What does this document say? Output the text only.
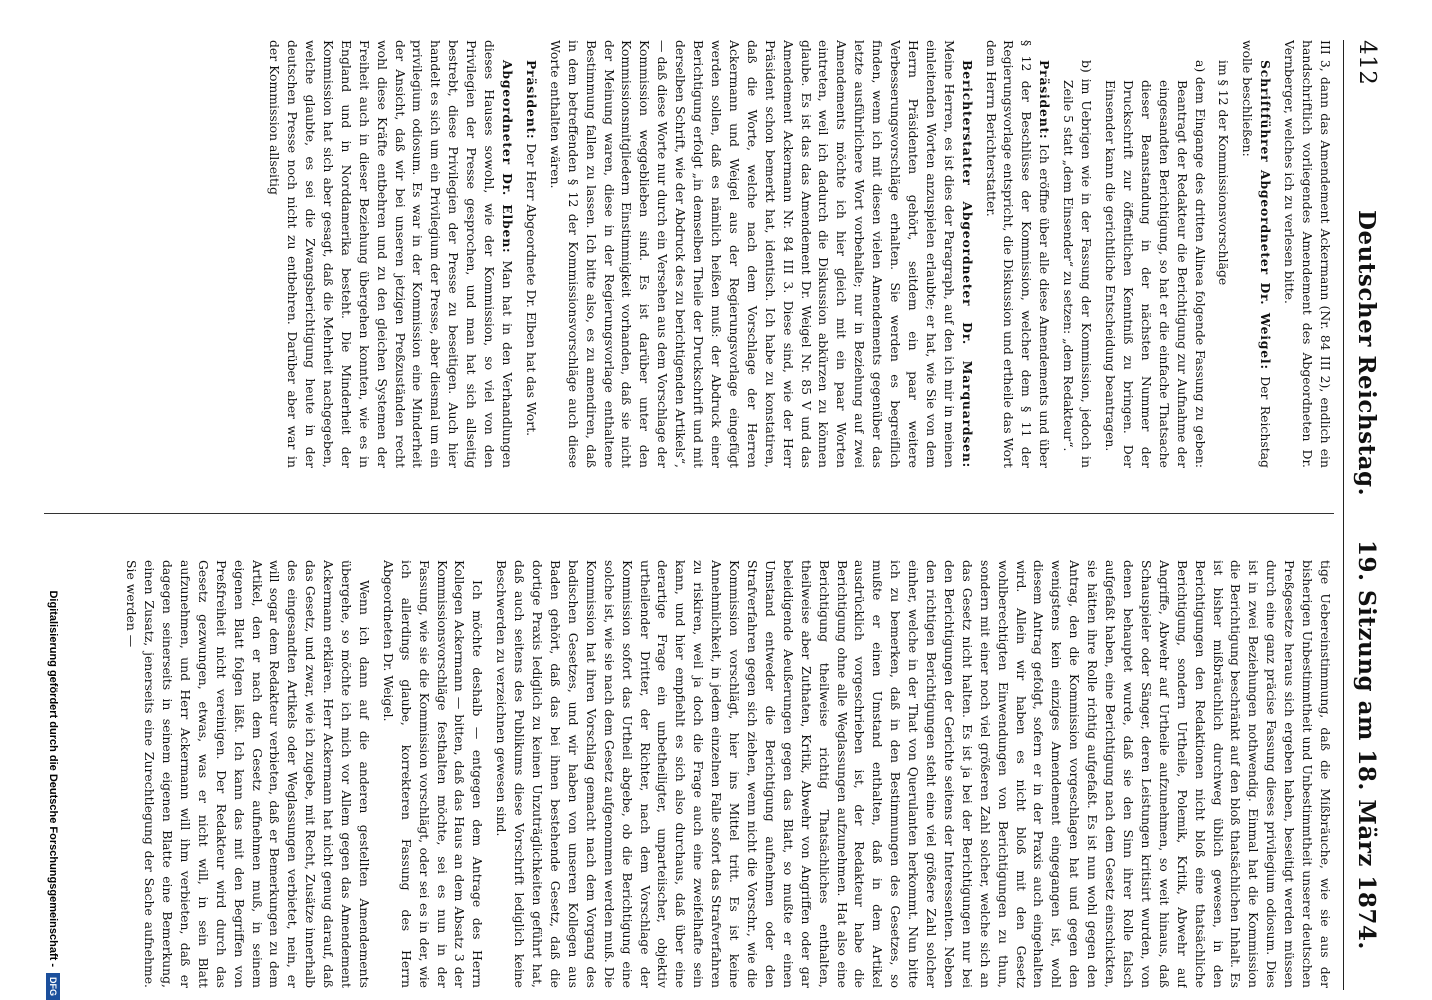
412
Deutscher Reichstag.
19. Sitzung am 18. März 1874.

III 3, dann das Amendement Ackermann (Nr. 84 III 2), endlich ein handschriftlich vorliegendes Amendement des Abgeordneten Dr. Vernberger, welches ich zu verlesen bitte.

Schriftführer Abgeordneter Dr. Weigel: Der Reichstag wolle beschließen:

im § 12 der Kommissionsvorschläge

a) dem Eingange des dritten Alinea folgende Fassung zu geben: Beantragt der Redakteur die Berichtigung zur Aufnahme der eingesandten Berichtigung, so hat er die einfache Thatsache dieser Beanstandung in der nächsten Nummer der Druckschrift zur öffentlichen Kenntniß zu bringen. Der Einsender kann die gerichtliche Entscheidung beantragen.

b) im Uebrigen wie in der Fassung der Kommission, jedoch in Zeile 5 statt „dem Einsender“ zu setzen: „dem Redakteur“.

Präsident: Ich eröffne über alle diese Amendements und über § 12 der Beschlüsse der Kommission, welcher dem § 11 der Regierungsvorlage entspricht, die Diskussion und ertheile das Wort dem Herrn Berichterstatter.

Berichterstatter Abgeordneter Dr. Marquardsen: Meine Herren, es ist dies der Paragraph, auf den ich mir in meinen einleitenden Worten anzuspielen erlaubte; er hat, wie Sie von dem Herrn Präsidenten gehört, seitdem ein paar weitere Verbesserungsvorschläge erhalten. Sie werden es begreiflich finden, wenn ich mit diesen vielen Amendements gegenüber das letzte ausführlichere Wort vorbehalte; nur in Beziehung auf zwei Amendements möchte ich hier gleich mit ein paar Worten eintreten, weil ich dadurch die Diskussion abkürzen zu können glaube. Es ist das das Amendement Dr. Weigel Nr. 85 V und das Amendement Ackermann Nr. 84 III 3. Diese sind, wie der Herr Präsident schon bemerkt hat, identisch. Ich habe zu konstatiren, daß die Worte, welche nach dem Vorschlage der Herren Ackermann und Weigel aus der Regierungsvorlage eingefügt werden sollen, daß es nämlich heißen muß: der Abdruck einer Berichtigung erfolgt „in demselben Theile der Druckschrift und mit derselben Schrift, wie der Abdruck des zu berichtigenden Artikels“, — daß diese Worte nur durch ein Versehen aus dem Vorschlage der Kommission weggeblieben sind. Es ist darüber unter den Kommissionsmitgliedern Einstimmigkeit vorhanden, daß sie nicht der Meinung waren, diese in der Regierungsvorlage enthaltene Bestimmung fallen zu lassen. Ich bitte also, es zu amendiren, daß in dem betreffenden § 12 der Kommissionsvorschläge auch diese Worte enthalten wären.

Präsident: Der Herr Abgeordnete Dr. Elben hat das Wort.

Abgeordneter Dr. Elben: Man hat in den Verhandlungen dieses Hauses sowohl, wie der Kommission, so viel von den Privilegien der Presse gesprochen, und man hat sich allseitig bestrebt, diese Privilegien der Presse zu beseitigen. Auch hier handelt es sich um ein Privilegium der Presse, aber diesmal um ein privilegium odiosum. Es war in der Kommission eine Minderheit der Ansicht, daß wir bei unseren jetzigen Preßzuständen recht wohl diese Kräfte entbehren und zu den gleichen Systemen der Freiheit auch in dieser Beziehung übergehen konnten, wie es in England und in Norddamerika besteht. Die Minderheit der Kommission hat sich aber gesagt, daß die Mehrheit nachgegeben, welche glaubte, es sei die Zwangsberichtigung heute in der deutschen Presse noch nicht zu entbehren. Darüber aber war in der Kommission allseitig

tige Uebereinstimmung, daß die Mißbräuche, wie sie aus der bisherigen Unbestimmtheit und Unbestimmtheit unserer deutschen Preßgesetze heraus sich ergeben haben, beseitigt werden müssen durch eine ganz präcise Fassung dieses privilegium odiosum. Dies ist in zwei Beziehungen nothwendig. Einmal hat die Kommission die Berichtigung beschränkt auf den bloß thatsächlichen Inhalt. Es ist bisher mißbräuchlich durchweg üblich gewesen, in den Berichtigungen den Redaktionen nicht bloß eine thatsächliche Berichtigung, sondern Urtheile, Polemik, Kritik, Abwehr auf Angriffe, Abwehr auf Urtheile aufzunehmen, so weit hinaus, daß Schauspieler oder Sänger, deren Leistungen kritisirt wurden, von denen behauptet wurde, daß sie den Sinn ihrer Rolle falsch aufgefaßt haben, eine Berichtigung nach dem Gesetz einschickten, sie hätten ihre Rolle richtig aufgefaßt. Es ist nun wohl gegen den Antrag, den die Kommission vorgeschlagen hat und gegen den wenigstens kein einziges Amendement eingegangen ist, wohl diesem Antrag gefolgt, sofern er in der Praxis auch eingehalten wird. Allein wir haben es nicht bloß mit den Gesetz wohlberechtigten Einwendungen von Berichtigungen zu thun, sondern mit einer noch viel größeren Zahl solcher, welche sich an das Gesetz nicht halten. Es ist ja bei der Berichtigungen nur bei den Berichtigungen der Gerichte seitens der Interessenten. Neben den richtigen Berichtigungen steht eine viel größere Zahl solcher einher, welche in der That von Querulanten herkommt. Nun bitte ich zu bemerken, daß in den Bestimmungen des Gesetzes, so mußte er einen Umstand enthalten, daß in dem Artikel ausdrücklich vorgeschrieben ist, der Redakteur habe die Berichtigung ohne alle Weglassungen aufzunehmen. Hat also eine Berichtigung theilweise richtig Thatsächliches enthalten, theilweise aber Zuthaten, Kritik, Abwehr von Angriffen oder gar beleidigende Aeußerungen gegen das Blatt, so mußte er einen Umstand entweder die Berichtigung aufnehmen oder den Strafverfahren gegen sich ziehen, wenn nicht die Vorschr., wie die Kommission vorschlägt, hier ins Mittel tritt. Es ist keine Annehmlichkeit, in jedem einzelnen Falle sofort das Strafverfahren zu riskiren, weil ja doch die Frage auch eine zweifelhafte sein kann, und hier empfiehlt es sich also durchaus, daß über eine derartige Frage ein unbetheiligter, unparteiischer, objektiv urtheilender Dritter, der Richter, nach dem Vorschlage der Kommission sofort das Urtheil abgebe, ob die Berichtigung eine solche ist, wie sie nach dem Gesetz aufgenommen werden muß. Die Kommission hat ihren Vorschlag gemacht nach dem Vorgang des badischen Gesetzes, und wir haben von unseren Kollegen aus Baden gehört, daß das bei ihnen bestehende Gesetz, daß die dortige Praxis lediglich zu keinen Unzuträglichkeiten geführt hat, daß auch seitens des Publikums diese Vorschrift lediglich keine Beschwerden zu verzeichnen gewesen sind.

Ich möchte deshalb — entgegen dem Antrage des Herrn Kollegen Ackermann — bitten, daß das Haus an dem Absatz 3 der Kommissionsvorschläge festhalten möchte, sei es nun in der Fassung, wie sie die Kommission vorschlägt, oder sei es in der, wie ich allerdings glaube, korrekteren Fassung des Herrn Abgeordneten Dr. Weigel.

Wenn ich dann auf die anderen gestellten Amendements übergehe, so möchte ich mich vor Allem gegen das Amendement Ackermann erklären. Herr Ackermann hat nicht genug darauf, daß das Gesetz, und zwar, wie ich zugebe, mit Recht, Zusätze innerhalb des eingesandten Artikels oder Weglassungen verbietet, nein, er will sogar dem Redakteur verbieten, daß er Bemerkungen zu dem Artikel, den er nach dem Gesetz aufnehmen muß, in seinem eigenen Blatt folgen läßt. Ich kann das mit den Begriffen von Preßfreiheit nicht vereinigen. Der Redakteur wird durch das Gesetz gezwungen, etwas, was er nicht will, in sein Blatt aufzunehmen, und Herr Ackermann will ihm verbieten, daß er dagegen seinerseits in seinem eigenen Blatte eine Bemerkung, einen Zusatz, jenerseits eine Zurechtlegung der Sache aufnehme. Sie werden —

Digitalisierung gefördert durch die Deutsche Forschungsgemeinschaft -DFG
